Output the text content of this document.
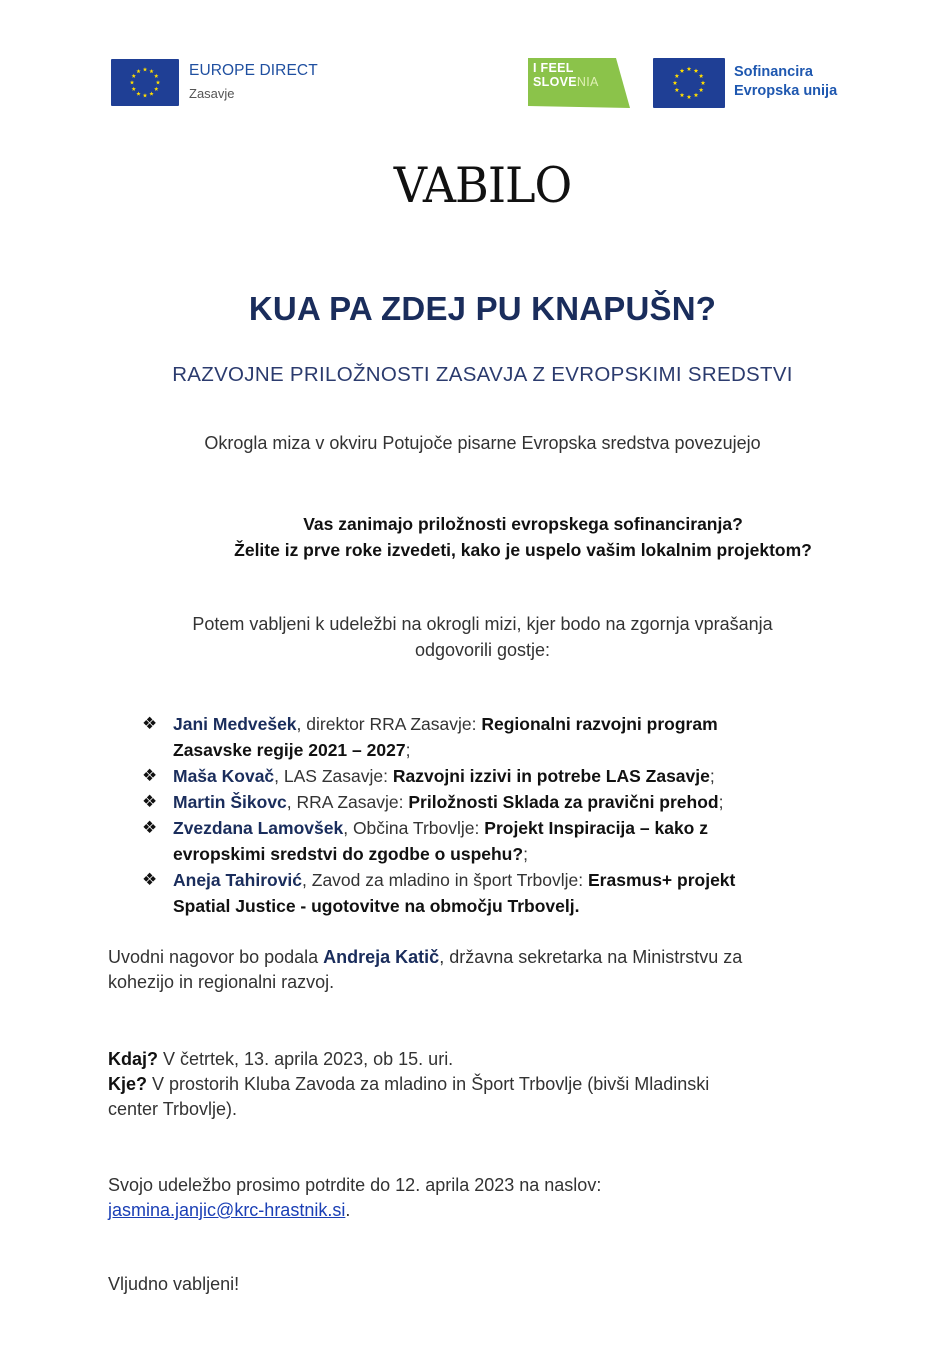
EUROPE DIRECT
Zasavje
I FEEL
SLOVENIA
Sofinancira
Evropska unija
VABILO
KUA PA ZDEJ PU KNAPUŠN?
RAZVOJNE PRILOŽNOSTI ZASAVJA Z EVROPSKIMI SREDSTVI
Okrogla miza v okviru Potujoče pisarne Evropska sredstva povezujejo
Vas zanimajo priložnosti evropskega sofinanciranja?
Želite iz prve roke izvedeti, kako je uspelo vašim lokalnim projektom?
Potem vabljeni k udeležbi na okrogli mizi, kjer bodo na zgornja vprašanja
odgovorili gostje:
❖ Jani Medvešek, direktor RRA Zasavje: Regionalni razvojni program
Zasavske regije 2021 – 2027;
❖ Maša Kovač, LAS Zasavje: Razvojni izzivi in potrebe LAS Zasavje;
❖ Martin Šikovc, RRA Zasavje: Priložnosti Sklada za pravični prehod;
❖ Zvezdana Lamovšek, Občina Trbovlje: Projekt Inspiracija – kako z
evropskimi sredstvi do zgodbe o uspehu?;
❖ Aneja Tahirović, Zavod za mladino in šport Trbovlje: Erasmus+ projekt
Spatial Justice - ugotovitve na območju Trbovelj.
Uvodni nagovor bo podala Andreja Katič, državna sekretarka na Ministrstvu za
kohezijo in regionalni razvoj.
Kdaj? V četrtek, 13. aprila 2023, ob 15. uri.
Kje? V prostorih Kluba Zavoda za mladino in Šport Trbovlje (bivši Mladinski
center Trbovlje).
Svojo udeležbo prosimo potrdite do 12. aprila 2023 na naslov:
jasmina.janjic@krc-hrastnik.si.
Vljudno vabljeni!
